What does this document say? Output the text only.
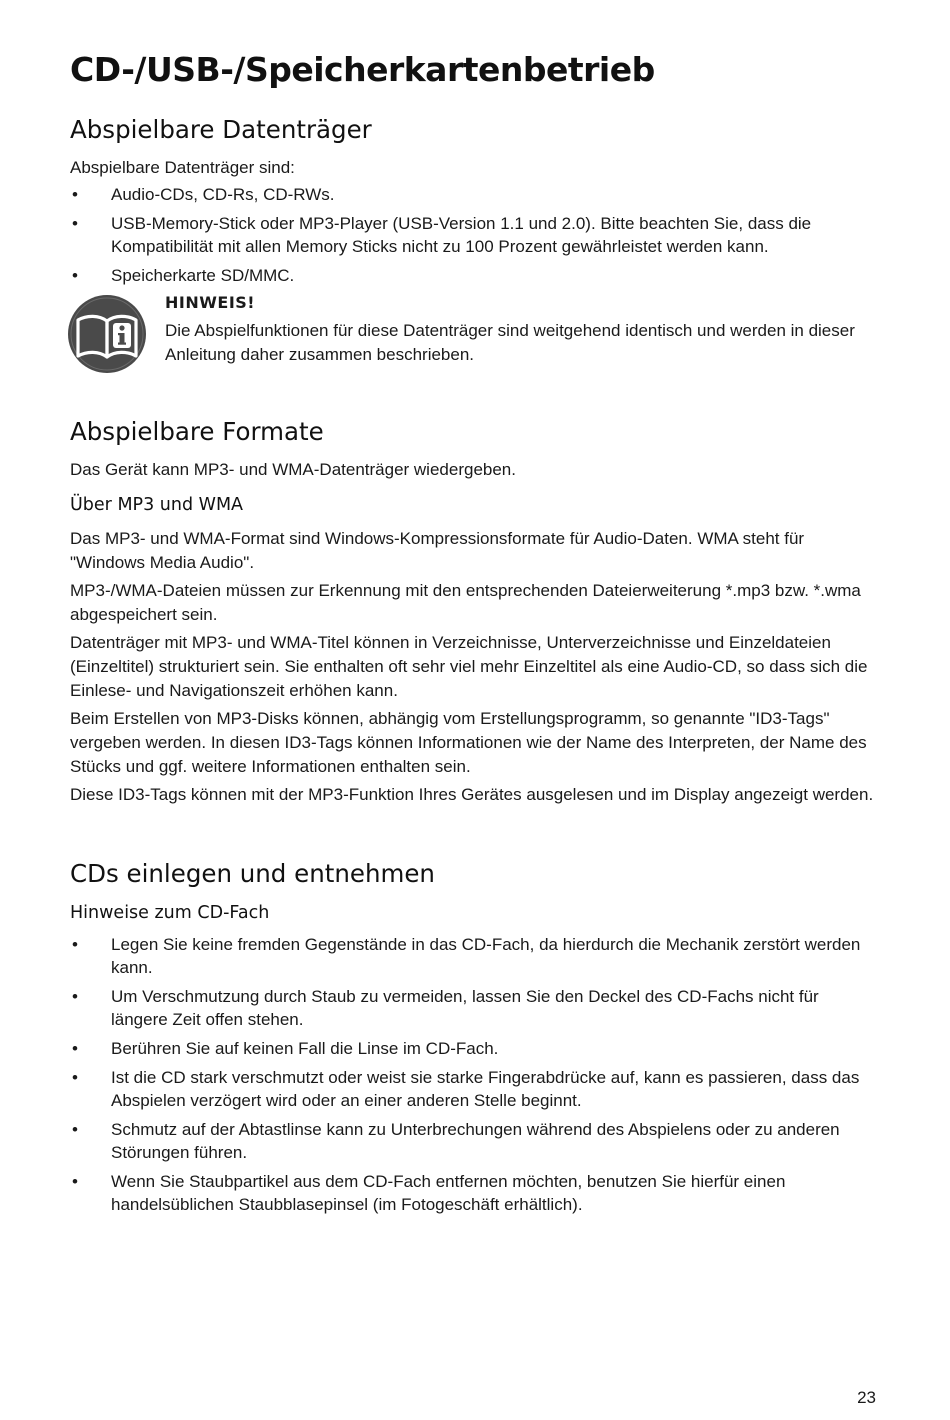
CD-/USB-/Speicherkartenbetrieb
Abspielbare Datenträger

Abspielbare Datenträger sind:

• Audio-CDs, CD-Rs, CD-RWs.
• USB-Memory-Stick oder MP3-Player (USB-Version 1.1 und 2.0). Bitte beachten Sie, dass die Kompatibilität mit allen Memory Sticks nicht zu 100 Prozent gewährleistet werden kann.
• Speicherkarte SD/MMC.

HINWEIS!

Die Abspielfunktionen für diese Datenträger sind weitgehend identisch und werden in dieser Anleitung daher zusammen beschrieben.

Abspielbare Formate

Das Gerät kann MP3- und WMA-Datenträger wiedergeben.

Über MP3 und WMA

Das MP3- und WMA-Format sind Windows-Kompressionsformate für Audio-Daten. WMA steht für "Windows Media Audio".

MP3-/WMA-Dateien müssen zur Erkennung mit den entsprechenden Dateierweiterung *.mp3 bzw. *.wma abgespeichert sein.

Datenträger mit MP3- und WMA-Titel können in Verzeichnisse, Unterverzeichnisse und Einzeldateien (Einzeltitel) strukturiert sein. Sie enthalten oft sehr viel mehr Einzeltitel als eine Audio-CD, so dass sich die Einlese- und Navigationszeit erhöhen kann.

Beim Erstellen von MP3-Disks können, abhängig vom Erstellungsprogramm, so genannte "ID3-Tags" vergeben werden. In diesen ID3-Tags können Informationen wie der Name des Interpreten, der Name des Stücks und ggf. weitere Informationen enthalten sein.

Diese ID3-Tags können mit der MP3-Funktion Ihres Gerätes ausgelesen und im Display angezeigt werden.

CDs einlegen und entnehmen
Hinweise zum CD-Fach
• Legen Sie keine fremden Gegenstände in das CD-Fach, da hierdurch die Mechanik zerstört werden kann.
• Um Verschmutzung durch Staub zu vermeiden, lassen Sie den Deckel des CD-Fachs nicht für längere Zeit offen stehen.
• Berühren Sie auf keinen Fall die Linse im CD-Fach.
• Ist die CD stark verschmutzt oder weist sie starke Fingerabdrücke auf, kann es passieren, dass das Abspielen verzögert wird oder an einer anderen Stelle beginnt.
• Schmutz auf der Abtastlinse kann zu Unterbrechungen während des Abspielens oder zu anderen Störungen führen.
• Wenn Sie Staubpartikel aus dem CD-Fach entfernen möchten, benutzen Sie hierfür einen handelsüblichen Staubblasepinsel (im Fotogeschäft erhältlich).
23
